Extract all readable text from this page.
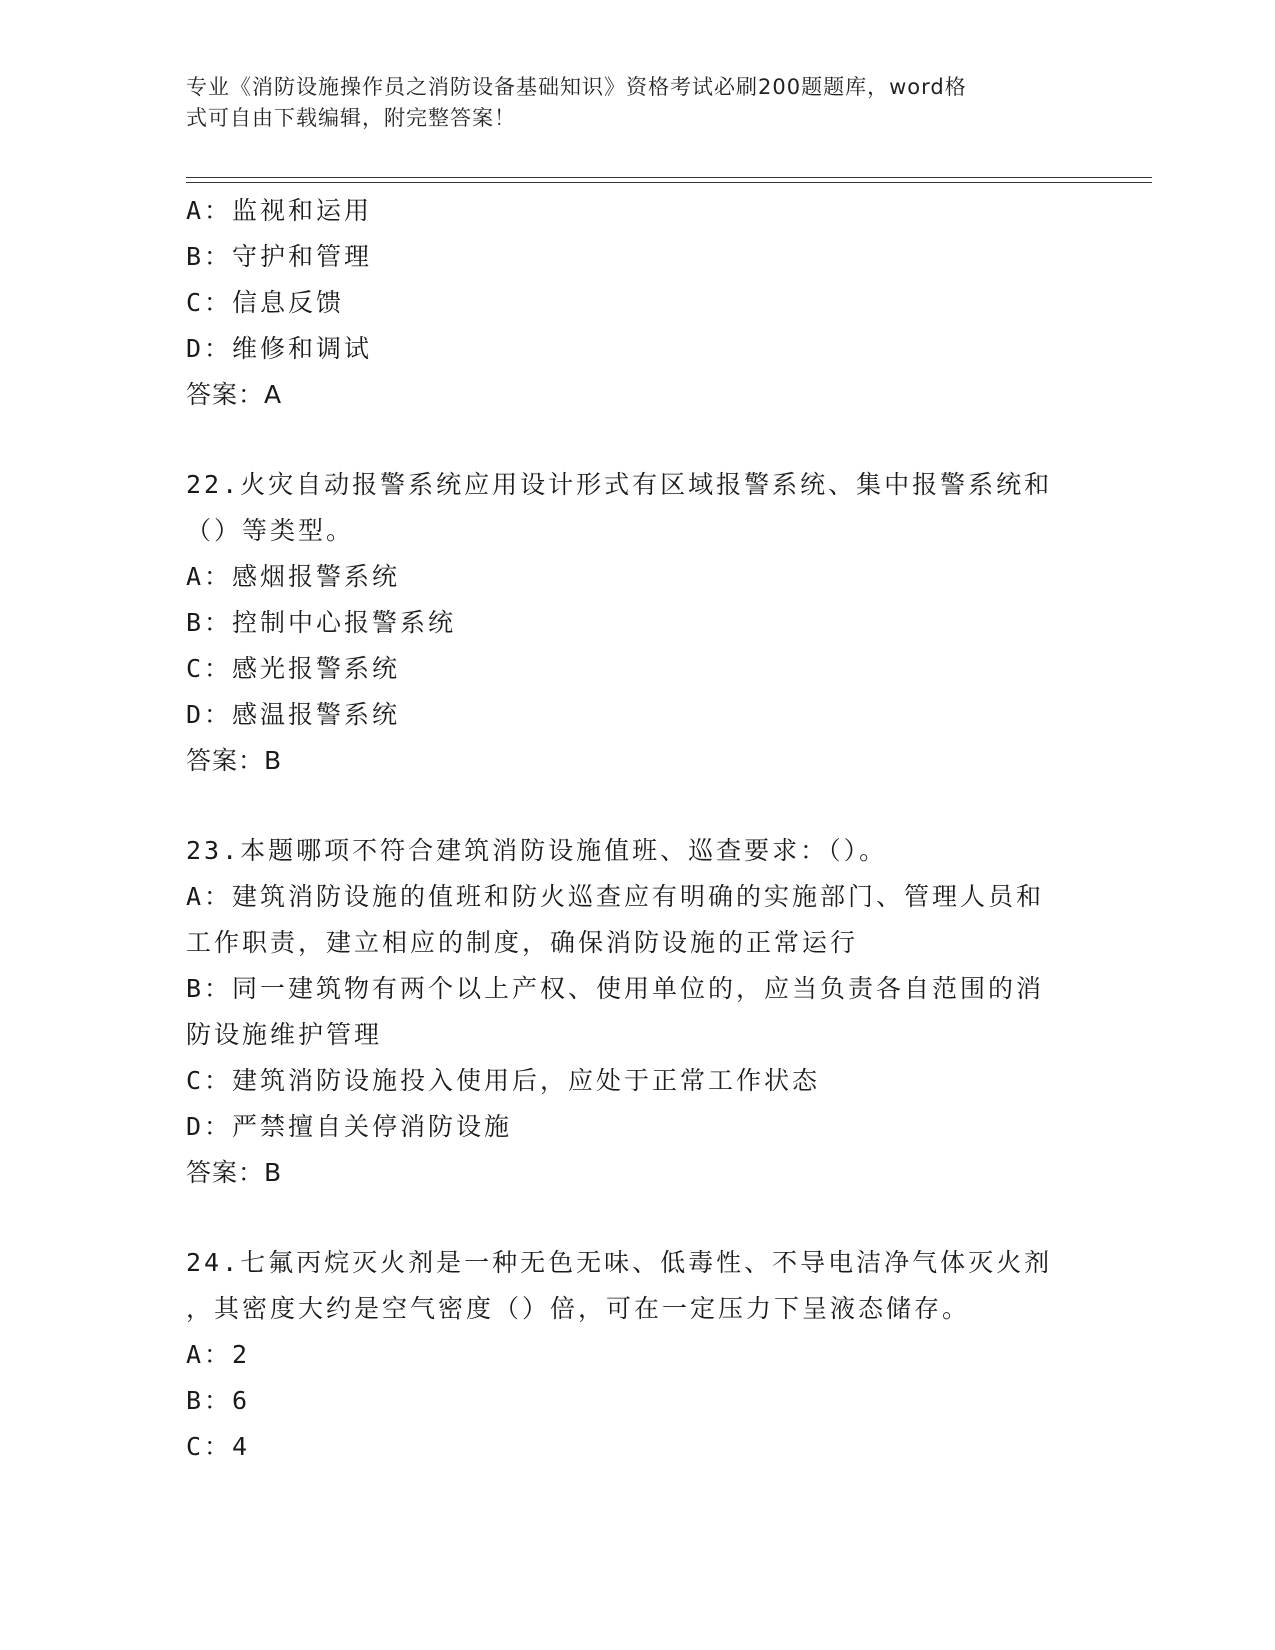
专业《消防设施操作员之消防设备基础知识》资格考试必刷200题题库，word格
式可自由下载编辑，附完整答案！
A：监视和运用
B：守护和管理
C：信息反馈
D：维修和调试
答案：A
22.火灾自动报警系统应用设计形式有区域报警系统、集中报警系统和
（）等类型。
A：感烟报警系统
B：控制中心报警系统
C：感光报警系统
D：感温报警系统
答案：B
23.本题哪项不符合建筑消防设施值班、巡查要求：（）。
A：建筑消防设施的值班和防火巡查应有明确的实施部门、管理人员和
工作职责，建立相应的制度，确保消防设施的正常运行
B：同一建筑物有两个以上产权、使用单位的，应当负责各自范围的消
防设施维护管理
C：建筑消防设施投入使用后，应处于正常工作状态
D：严禁擅自关停消防设施
答案：B
24.七氟丙烷灭火剂是一种无色无味、低毒性、不导电洁净气体灭火剂
，其密度大约是空气密度（）倍，可在一定压力下呈液态储存。
A：2
B：6
C：4
